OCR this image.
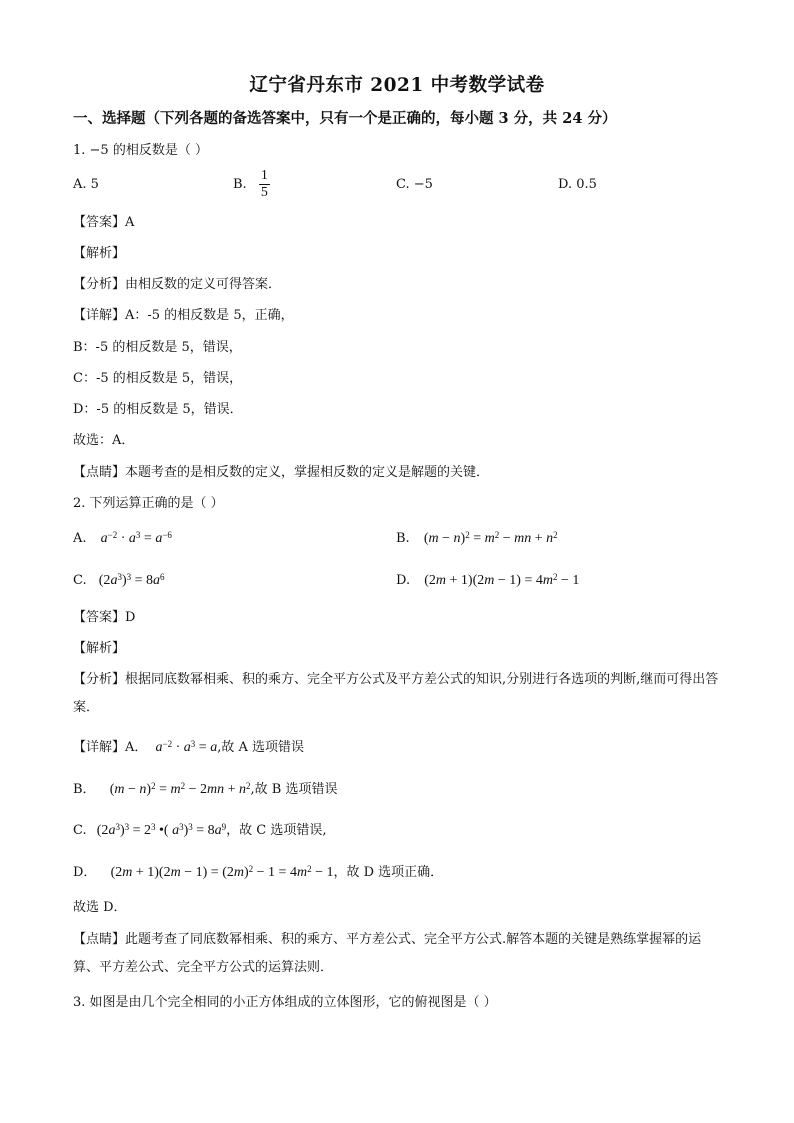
辽宁省丹东市 2021 中考数学试卷
一、选择题（下列各题的备选答案中，只有一个是正确的，每小题 3 分，共 24 分）
1. −5 的相反数是（ ）
A. 5	B. $\frac{1}{5}$	C. −5	D. 0.5
【答案】A
【解析】
【分析】由相反数的定义可得答案．
【详解】A：-5 的相反数是 5，正确，
B：-5 的相反数是 5，错误，
C：-5 的相反数是 5，错误，
D：-5 的相反数是 5，错误．
故选：A．
【点睛】本题考查的是相反数的定义，掌握相反数的定义是解题的关键．
2. 下列运算正确的是（ ）
A. $a^{-2} \cdot a^3 = a^{-6}$	B. $(m - n)^2 = m^2$ − mn + $n^2$
C. $(2a^3)^3 = 8a^6$	D. $(2m + 1)(2m - 1) = 4m^2 - 1$
【答案】D
【解析】
【分析】根据同底数幂相乘、积的乘方、完全平方公式及平方差公式的知识,分别进行各选项的判断,继而可得出答案．
【详解】A． $a^{-2} \cdot a^3 = a$,故 A 选项错误
B． $(m - n)^2 = m^2 - 2mn + n^2$,故 B 选项错误
C. $(2a^3)^3 = 2^3$ •( $a^3)^3 = 8a^9$，故 C 选项错误,
D． $(2m + 1)(2m - 1) = (2m)^2 - 1 = 4m^2 - 1$，故 D 选项正确．
故选 D．
【点睛】此题考查了同底数幂相乘、积的乘方、平方差公式、完全平方公式.解答本题的关键是熟练掌握幂的运算、平方差公式、完全平方公式的运算法则．
3. 如图是由几个完全相同的小正方体组成的立体图形，它的俯视图是（ ）
